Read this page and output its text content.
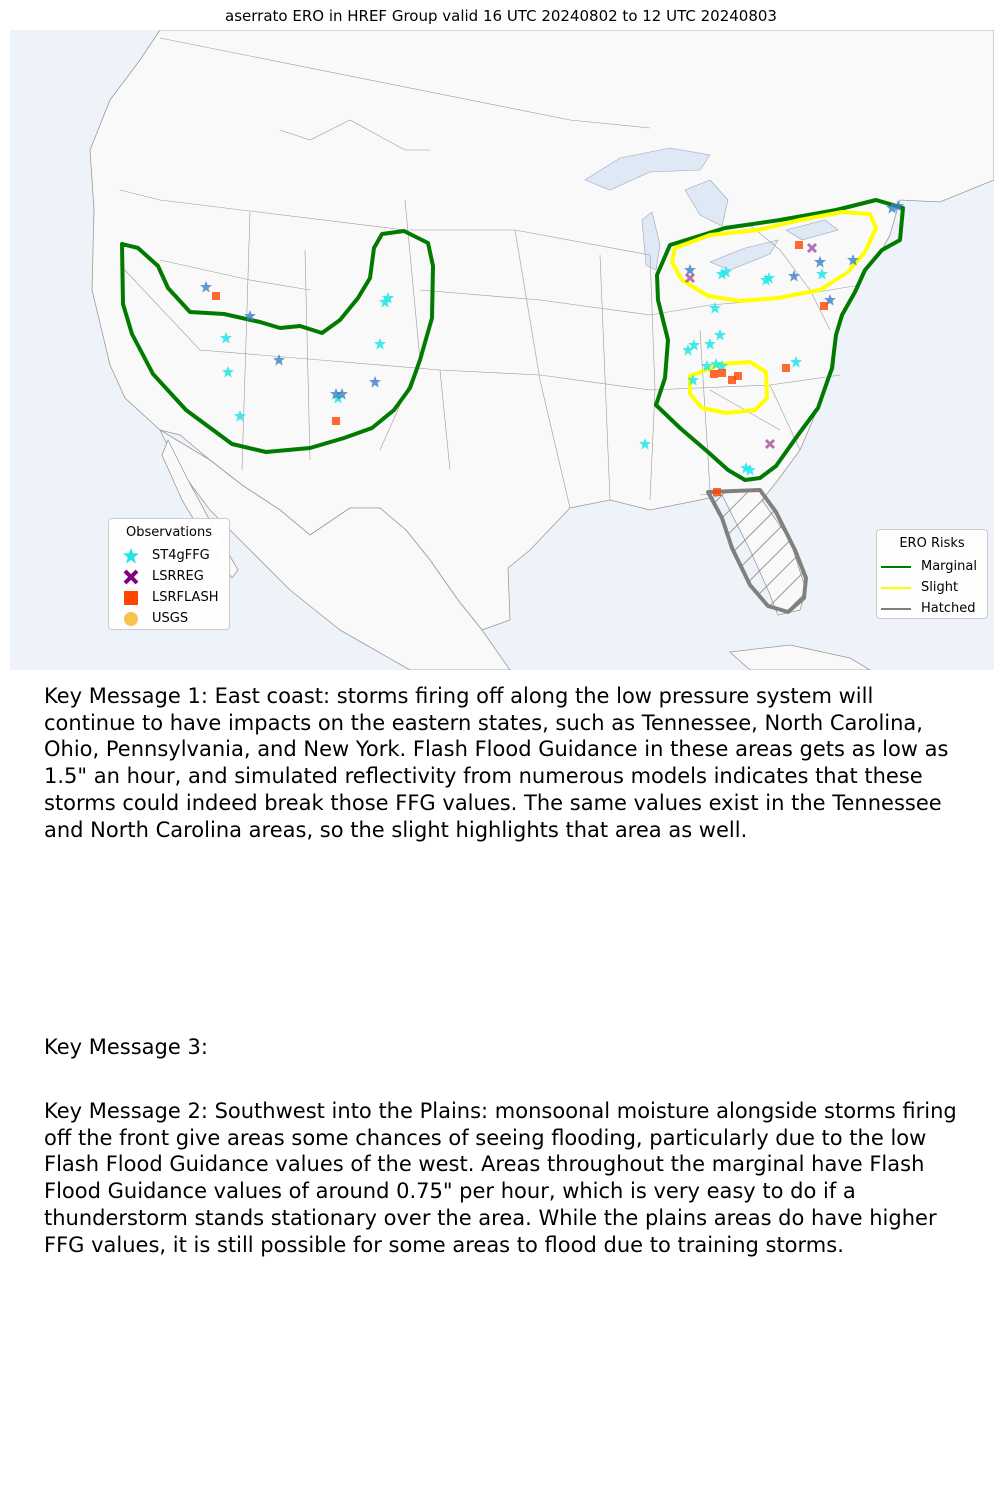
aserrato ERO in HREF Group valid 16 UTC 20240802 to 12 UTC 20240803
Observations
ST4gFFG
LSRREG
LSRFLASH
USGS
ERO Risks
Marginal
Slight
Hatched
Key Message 1: East coast: storms firing off along the low pressure system will continue to have impacts on the eastern states, such as Tennessee, North Carolina, Ohio, Pennsylvania, and New York. Flash Flood Guidance in these areas gets as low as 1.5" an hour, and simulated reflectivity from numerous models indicates that these storms could indeed break those FFG values. The same values exist in the Tennessee and North Carolina areas, so the slight highlights that area as well.
Key Message 3:
Key Message 2: Southwest into the Plains: monsoonal moisture alongside storms firing off the front give areas some chances of seeing flooding, particularly due to the low Flash Flood Guidance values of the west. Areas throughout the marginal have Flash Flood Guidance values of around 0.75" per hour, which is very easy to do if a thunderstorm stands stationary over the area. While the plains areas do have higher FFG values, it is still possible for some areas to flood due to training storms.
